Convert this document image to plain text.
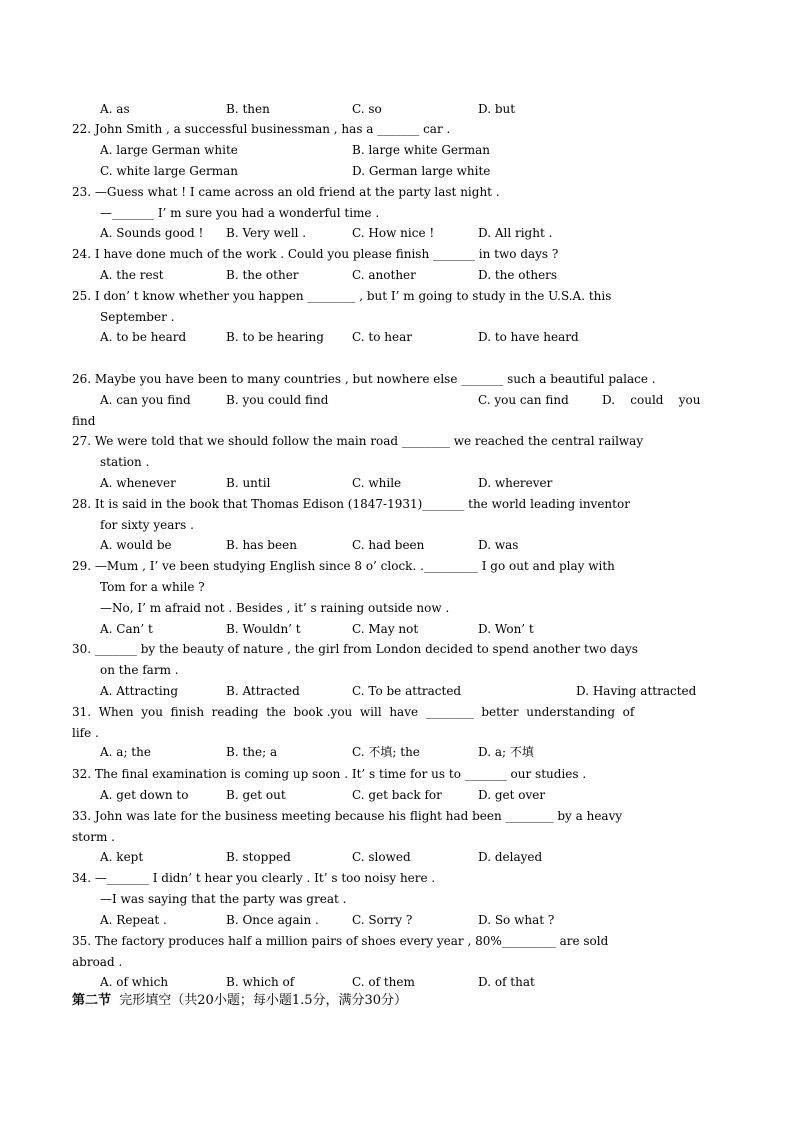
22. John Smith , a successful businessman , has a _______ car .
23. —Guess what ! I came across an old friend at the party last night .
—_______ I’ m sure you had a wonderful time .
24. I have done much of the work . Could you please finish _______ in two days ?
25. I don’ t know whether you happen ________ , but I’ m going to study in the U.S.A. this
September .
26. Maybe you have been to many countries , but nowhere else _______ such a beautiful palace .
find
27. We were told that we should follow the main road ________ we reached the central railway
station .
28. It is said in the book that Thomas Edison (1847-1931)_______ the world leading inventor
for sixty years .
29. —Mum , I’ ve been studying English since 8 o’ clock. ._________ I go out and play with
Tom for a while ?
—No, I’ m afraid not . Besides , it’ s raining outside now .
30. _______ by the beauty of nature , the girl from London decided to spend another two days
on the farm .
31.  When  you  finish  reading  the  book .you  will  have  ________  better  understanding  of
life .
32. The final examination is coming up soon . It’ s time for us to _______ our studies .
33. John was late for the business meeting because his flight had been ________ by a heavy
storm .
34. —_______ I didn’ t hear you clearly . It’ s too noisy here .
—I was saying that the party was great .
35. The factory produces half a million pairs of shoes every year , 80%_________ are sold
abroad .
A. as	B. then	C. so	D. but
A. large German white	B. large white German
C. white large German	D. German large white
A. Sounds good ! B. Very well .	C. How nice !	D. All right .
A. the rest	B. the other	C. another	D. the others
A. to be heard	B. to be hearing C. to hear	D. to have heard
A. can you find	B. you could find	C. you can find	D.    could    you
A. whenever	B. until	C. while	D. wherever
A. would be	B. has been	C. had been	D. was
A. Can’ t	B. Wouldn’ t	C. May not	D. Won’ t
A. Attracting	B. Attracted	C. To be attracted	D. Having attracted
A. a; the	B. the; a	C. 不填; the	D. a; 不填
A. get down to	B. get out	C. get back for	D. get over
A. kept	B. stopped	C. slowed	D. delayed
A. Repeat .	B. Once again .	C. Sorry ?	D. So what ?
A. of which	B. which of	C. of them	D. of that
第二节  完形填空（共20小题；每小题1.5分，满分30分）
